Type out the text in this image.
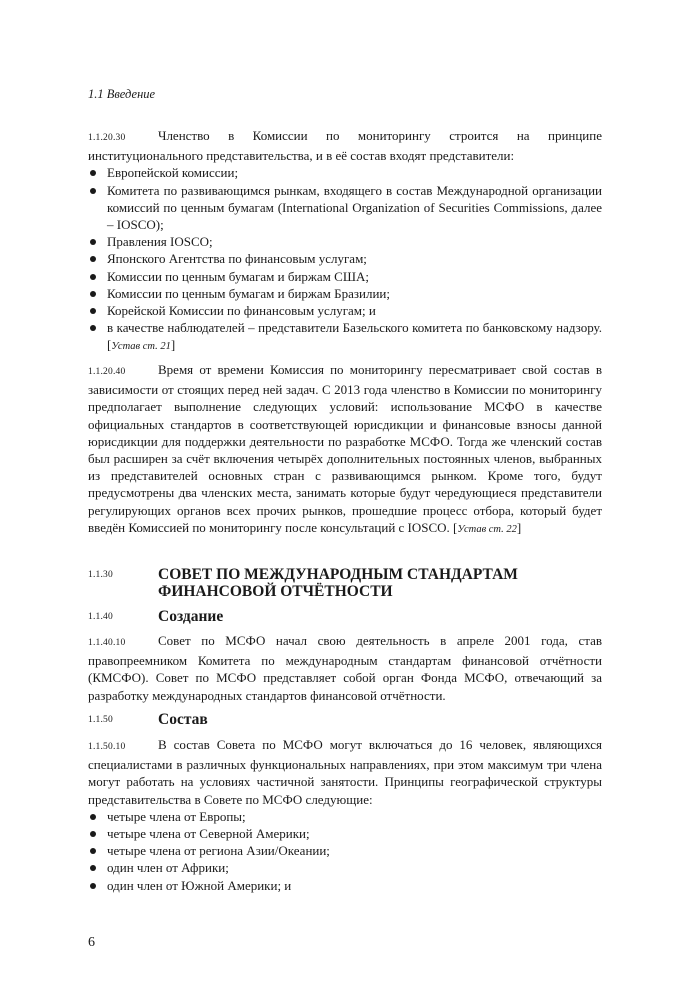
1.1 Введение
1.1.20.30	Членство в Комиссии по мониторингу строится на принципе институционального представительства, и в её состав входят представители:
Европейской комиссии;
Комитета по развивающимся рынкам, входящего в состав Международной организации комиссий по ценным бумагам (International Organization of Securities Commissions, далее – IOSCO);
Правления IOSCO;
Японского Агентства по финансовым услугам;
Комиссии по ценным бумагам и биржам США;
Комиссии по ценным бумагам и биржам Бразилии;
Корейской Комиссии по финансовым услугам; и
в качестве наблюдателей – представители Базельского комитета по банковскому надзору. [Устав ст. 21]
1.1.20.40	Время от времени Комиссия по мониторингу пересматривает свой состав в зависимости от стоящих перед ней задач. С 2013 года членство в Комиссии по мониторингу предполагает выполнение следующих условий: использование МСФО в качестве официальных стандартов в соответствующей юрисдикции и финансовые взносы данной юрисдикции для поддержки деятельности по разработке МСФО. Тогда же членский состав был расширен за счёт включения четырёх дополнительных постоянных членов, выбранных из представителей основных стран с развивающимся рынком. Кроме того, будут предусмотрены два членских места, занимать которые будут чередующиеся представители регулирующих органов всех прочих рынков, прошедшие процесс отбора, который будет введён Комиссией по мониторингу после консультаций с IOSCO. [Устав ст. 22]
1.1.30	СОВЕТ ПО МЕЖДУНАРОДНЫМ СТАНДАРТАМ ФИНАНСОВОЙ ОТЧЁТНОСТИ
1.1.40	Создание
1.1.40.10	Совет по МСФО начал свою деятельность в апреле 2001 года, став правопреемником Комитета по международным стандартам финансовой отчётности (КМСФО). Совет по МСФО представляет собой орган Фонда МСФО, отвечающий за разработку международных стандартов финансовой отчётности.
1.1.50	Состав
1.1.50.10	В состав Совета по МСФО могут включаться до 16 человек, являющихся специалистами в различных функциональных направлениях, при этом максимум три члена могут работать на условиях частичной занятости. Принципы географической структуры представительства в Совете по МСФО следующие:
четыре члена от Европы;
четыре члена от Северной Америки;
четыре члена от региона Азии/Океании;
один член от Африки;
один член от Южной Америки; и
6
